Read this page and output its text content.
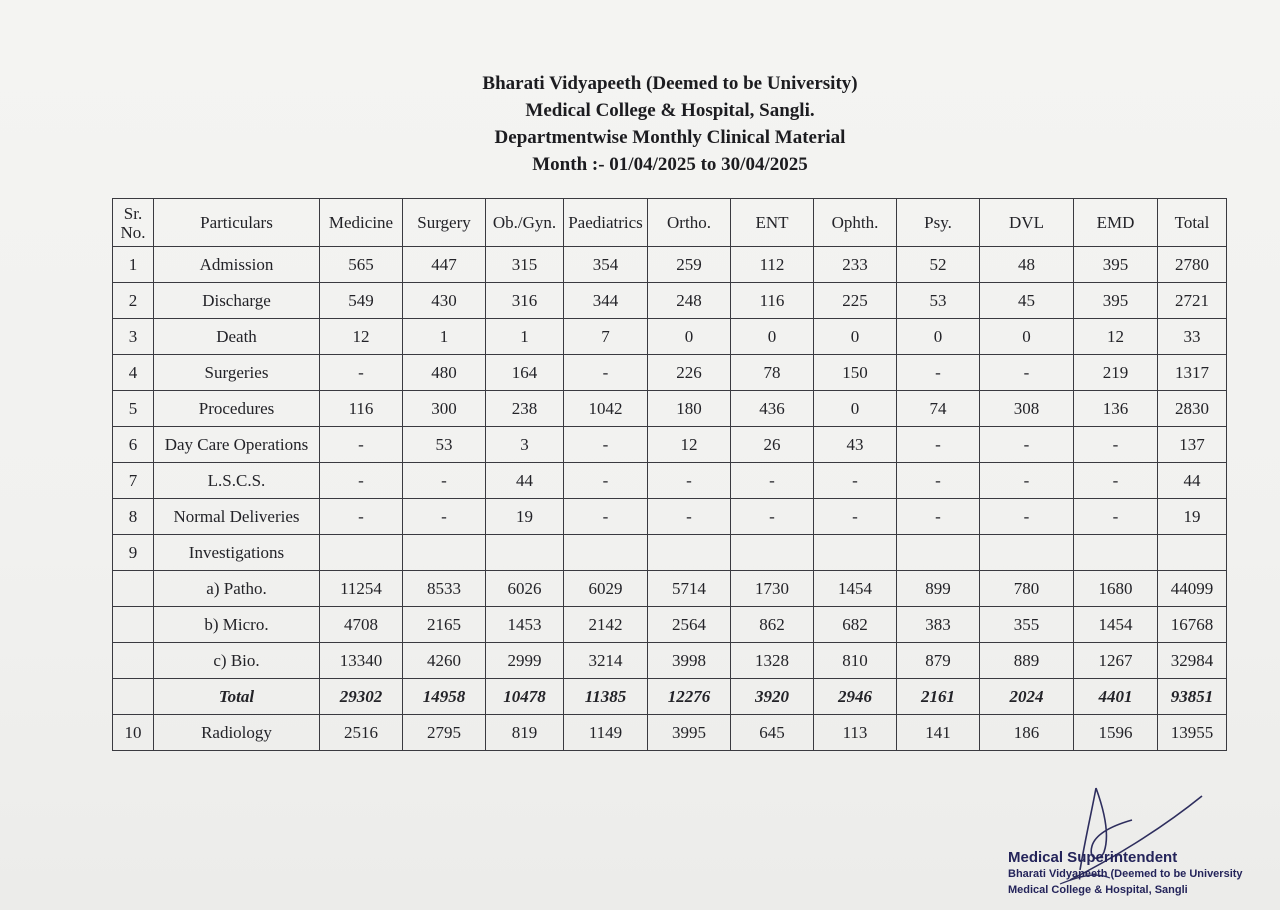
Bharati Vidyapeeth (Deemed to be University)
Medical College & Hospital, Sangli.
Departmentwise Monthly Clinical Material
Month :- 01/04/2025 to 30/04/2025
Sr.
No.	Particulars	Medicine	Surgery	Ob./Gyn.	Paediatrics	Ortho.	ENT	Ophth.	Psy.	DVL	EMD	Total
1	Admission	565	447	315	354	259	112	233	52	48	395	2780
2	Discharge	549	430	316	344	248	116	225	53	45	395	2721
3	Death	12	1	1	7	0	0	0	0	0	12	33
4	Surgeries	-	480	164	-	226	78	150	-	-	219	1317
5	Procedures	116	300	238	1042	180	436	0	74	308	136	2830
6	Day Care Operations	-	53	3	-	12	26	43	-	-	-	137
7	L.S.C.S.	-	-	44	-	-	-	-	-	-	-	44
8	Normal Deliveries	-	-	19	-	-	-	-	-	-	-	19
9	Investigations											
	a) Patho.	11254	8533	6026	6029	5714	1730	1454	899	780	1680	44099
	b) Micro.	4708	2165	1453	2142	2564	862	682	383	355	1454	16768
	c) Bio.	13340	4260	2999	3214	3998	1328	810	879	889	1267	32984
	Total	29302	14958	10478	11385	12276	3920	2946	2161	2024	4401	93851
10	Radiology	2516	2795	819	1149	3995	645	113	141	186	1596	13955
Medical Superintendent
Bharati Vidyapeeth (Deemed to be University
Medical College & Hospital, Sangli
